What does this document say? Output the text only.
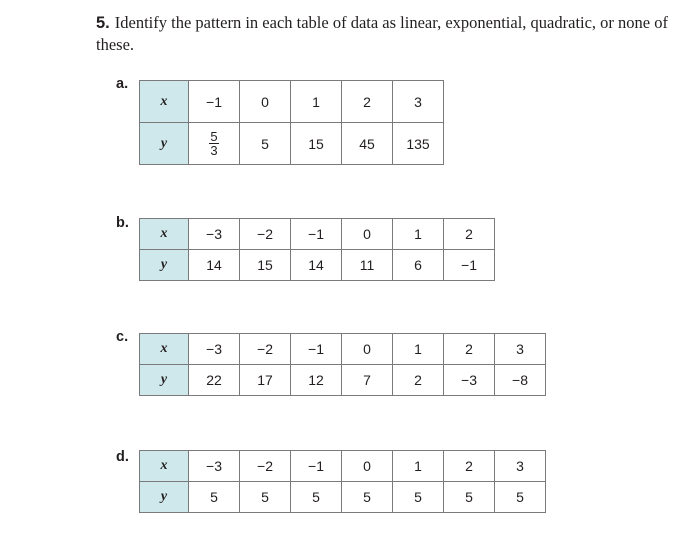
5. Identify the pattern in each table of data as linear, exponential, quadratic, or none of these.
a.
x	−1	0	1	2	3
y	$\frac{5}{3}$	5	15	45	135
b.
x	−3	−2	−1	0	1	2
y	14	15	14	11	6	−1
c.
x	−3	−2	−1	0	1	2	3
y	22	17	12	7	2	−3	−8
d.
x	−3	−2	−1	0	1	2	3
y	5	5	5	5	5	5	5
